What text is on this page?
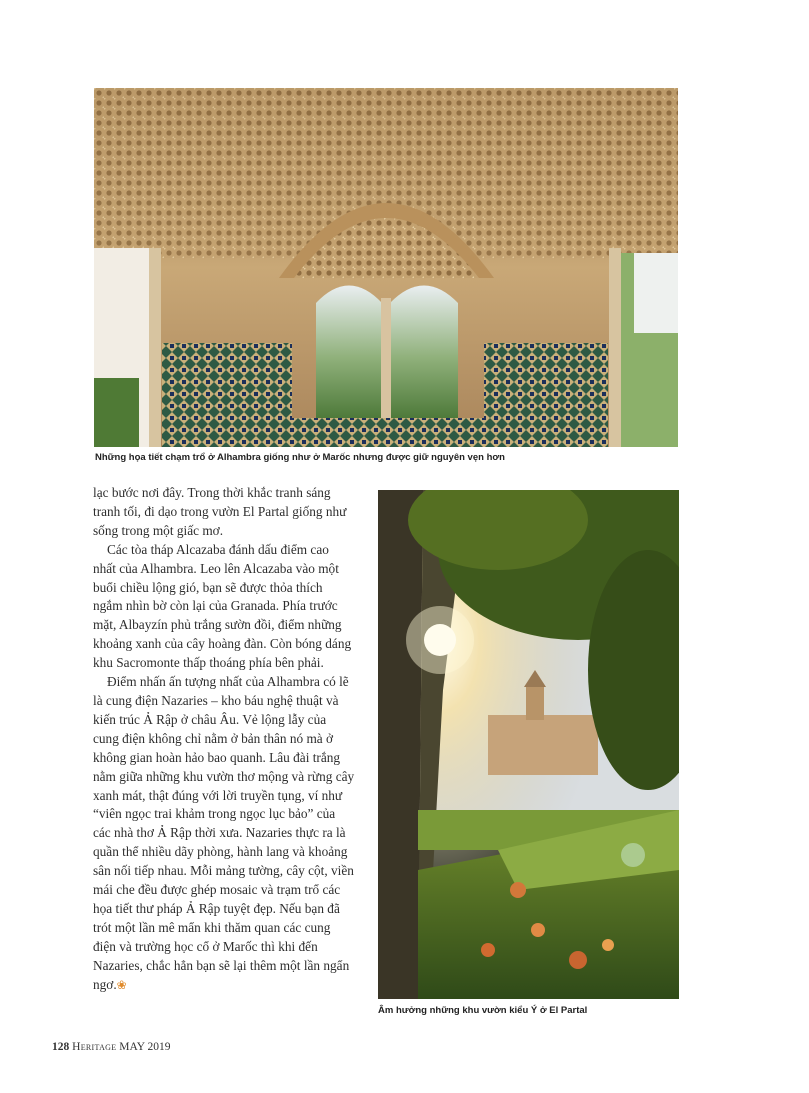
Những họa tiết chạm trổ ở Alhambra giống như ở Marốc nhưng được giữ nguyên vẹn hơn

lạc bước nơi đây. Trong thời khắc tranh sáng tranh tối, đi dạo trong vườn El Partal giống như sống trong một giấc mơ.

Các tòa tháp Alcazaba đánh dấu điểm cao nhất của Alhambra. Leo lên Alcazaba vào một buổi chiều lộng gió, bạn sẽ được thỏa thích ngắm nhìn bờ còn lại của Granada. Phía trước mặt, Albayzín phủ trắng sườn đồi, điểm những khoảng xanh của cây hoàng đàn. Còn bóng dáng khu Sacromonte thấp thoáng phía bên phải.

Điểm nhấn ấn tượng nhất của Alhambra có lẽ là cung điện Nazaries – kho báu nghệ thuật và kiến trúc Ả Rập ở châu Âu. Vẻ lộng lẫy của cung điện không chỉ nằm ở bản thân nó mà ở không gian hoàn hảo bao quanh. Lâu đài trắng nằm giữa những khu vườn thơ mộng và rừng cây xanh mát, thật đúng với lời truyền tụng, ví như “viên ngọc trai khảm trong ngọc lục bảo” của các nhà thơ Ả Rập thời xưa. Nazaries thực ra là quần thể nhiều dãy phòng, hành lang và khoảng sân nối tiếp nhau. Mỗi mảng tường, cây cột, viền mái che đều được ghép mosaic và trạm trổ các họa tiết thư pháp Ả Rập tuyệt đẹp. Nếu bạn đã trót một lần mê mẩn khi thăm quan các cung điện và trường học cổ ở Marốc thì khi đến Nazaries, chắc hẳn bạn sẽ lại thêm một lần ngẩn ngơ.❀

Âm hưởng những khu vườn kiểu Ý ở El Partal
128 Heritage MAY 2019
